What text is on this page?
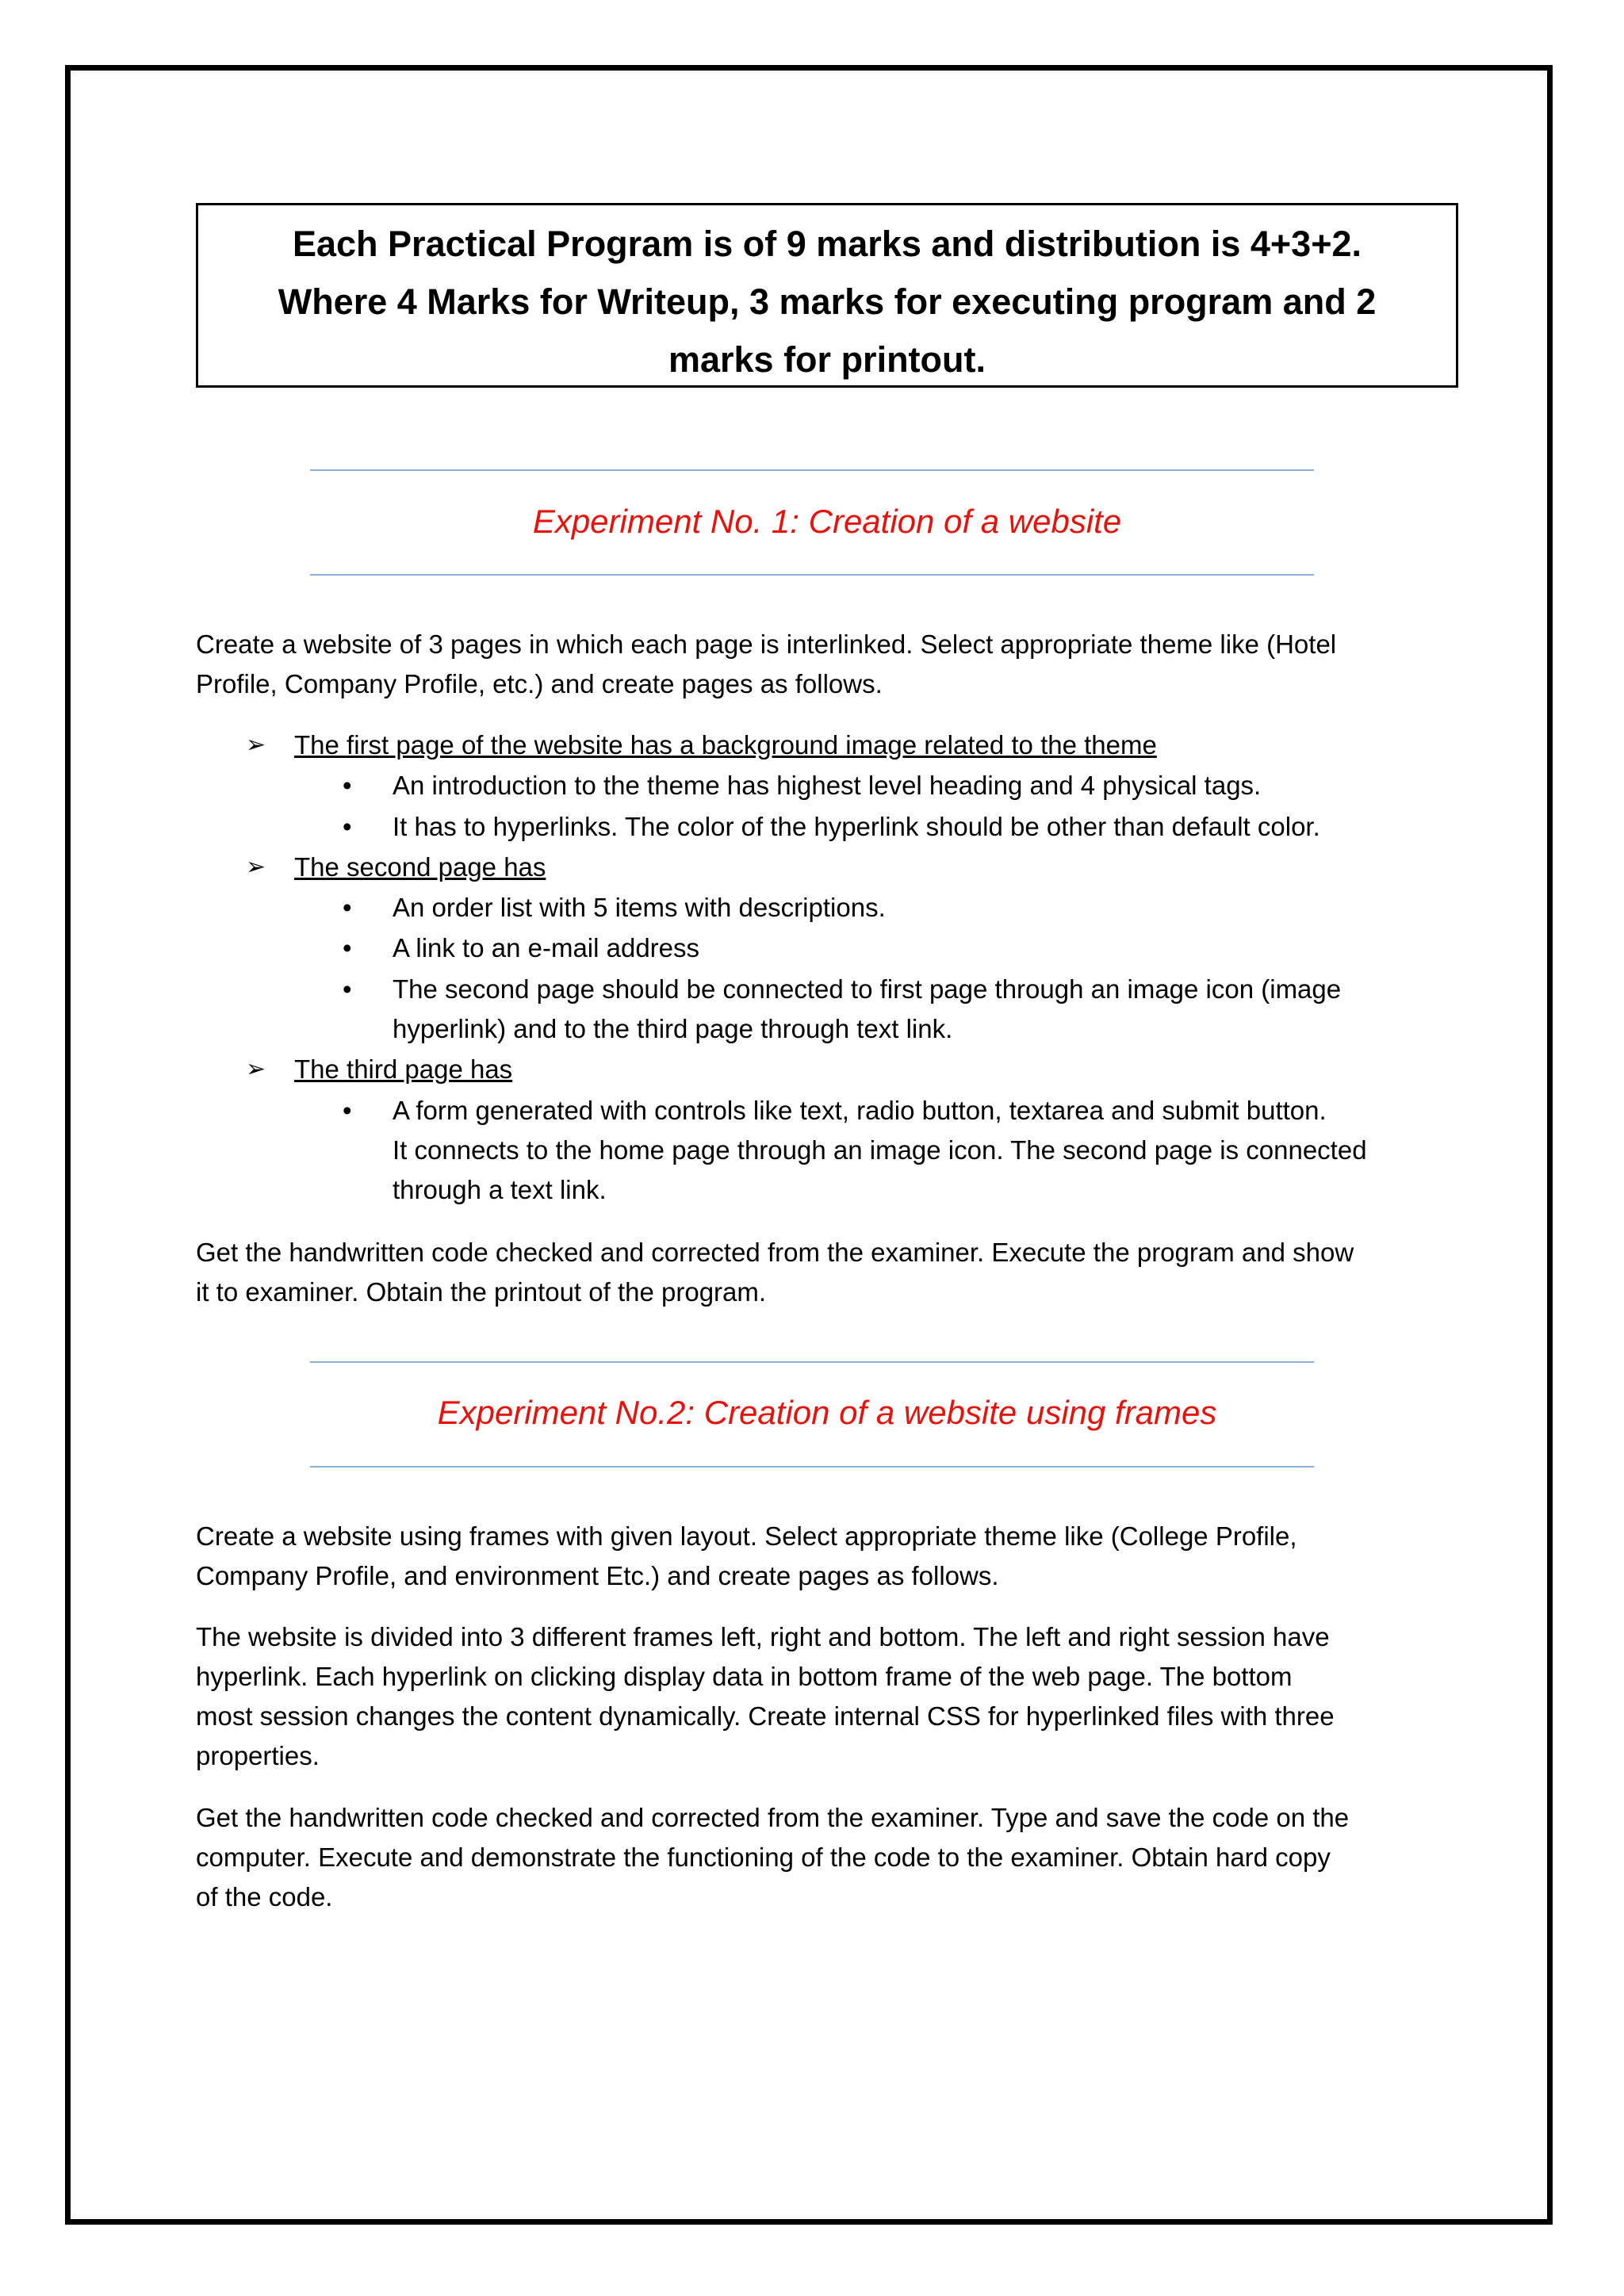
Each Practical Program is of 9 marks and distribution is 4+3+2.
Where 4 Marks for Writeup, 3 marks for executing program and 2
marks for printout.
Experiment No. 1: Creation of a website

Create a website of 3 pages in which each page is interlinked. Select appropriate theme like (Hotel
Profile, Company Profile, etc.) and create pages as follows.

➢ The first page of the website has a background image related to the theme
• An introduction to the theme has highest level heading and 4 physical tags.
• It has to hyperlinks. The color of the hyperlink should be other than default color.
➢ The second page has
• An order list with 5 items with descriptions.
• A link to an e-mail address
• The second page should be connected to first page through an image icon (image
hyperlink) and to the third page through text link.
➢ The third page has
• A form generated with controls like text, radio button, textarea and submit button.
It connects to the home page through an image icon. The second page is connected
through a text link.

Get the handwritten code checked and corrected from the examiner. Execute the program and show
it to examiner. Obtain the printout of the program.

Experiment No.2: Creation of a website using frames

Create a website using frames with given layout. Select appropriate theme like (College Profile,
Company Profile, and environment Etc.) and create pages as follows.

The website is divided into 3 different frames left, right and bottom. The left and right session have
hyperlink. Each hyperlink on clicking display data in bottom frame of the web page. The bottom
most session changes the content dynamically. Create internal CSS for hyperlinked files with three
properties.

Get the handwritten code checked and corrected from the examiner. Type and save the code on the
computer. Execute and demonstrate the functioning of the code to the examiner. Obtain hard copy
of the code.
